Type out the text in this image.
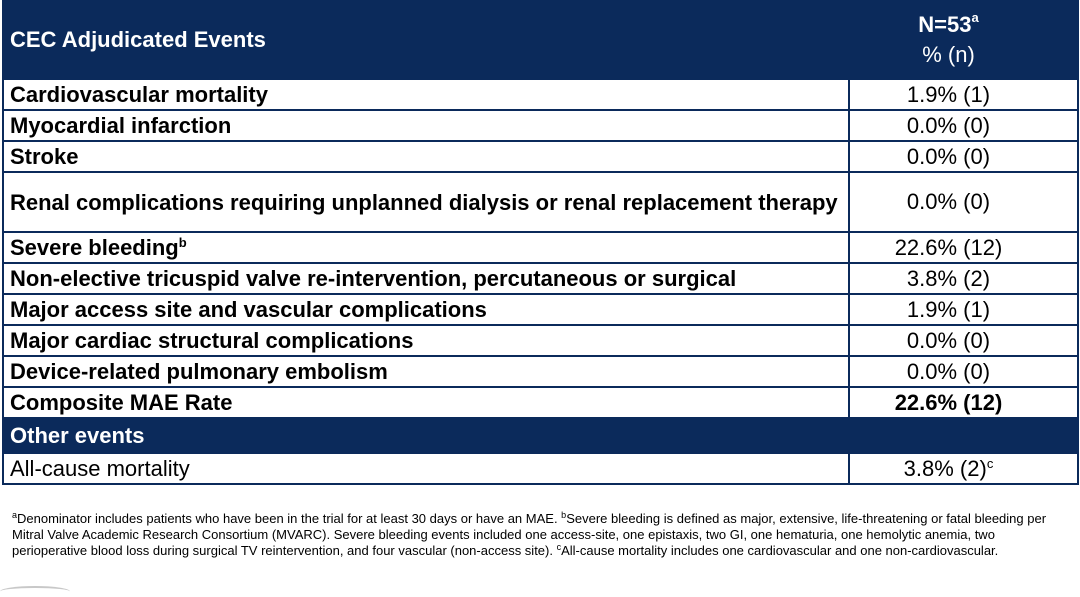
CEC Adjudicated Events	$N=53^a$
% (n)

Cardiovascular mortality	1.9% (1)
Myocardial infarction	0.0% (0)
Stroke	0.0% (0)
Renal complications requiring unplanned dialysis or renal replacement therapy	0.0% (0)
Severe bleeding$^b$	22.6% (12)
Non-elective tricuspid valve re-intervention, percutaneous or surgical	3.8% (2)
Major access site and vascular complications	1.9% (1)
Major cardiac structural complications	0.0% (0)
Device-related pulmonary embolism	0.0% (0)
Composite MAE Rate	22.6% (12)
Other events	
All-cause mortality	3.8% $(2)^c$
$^a$Denominator includes patients who have been in the trial for at least 30 days or have an MAE. $^b$Severe bleeding is defined as major, extensive, life-threatening or fatal bleeding per Mitral Valve Academic Research Consortium (MVARC). Severe bleeding events included one access-site, one epistaxis, two GI, one hematuria, one hemolytic anemia, two perioperative blood loss during surgical TV reintervention, and four vascular (non-access site). $^c$All-cause mortality includes one cardiovascular and one non-cardiovascular.
